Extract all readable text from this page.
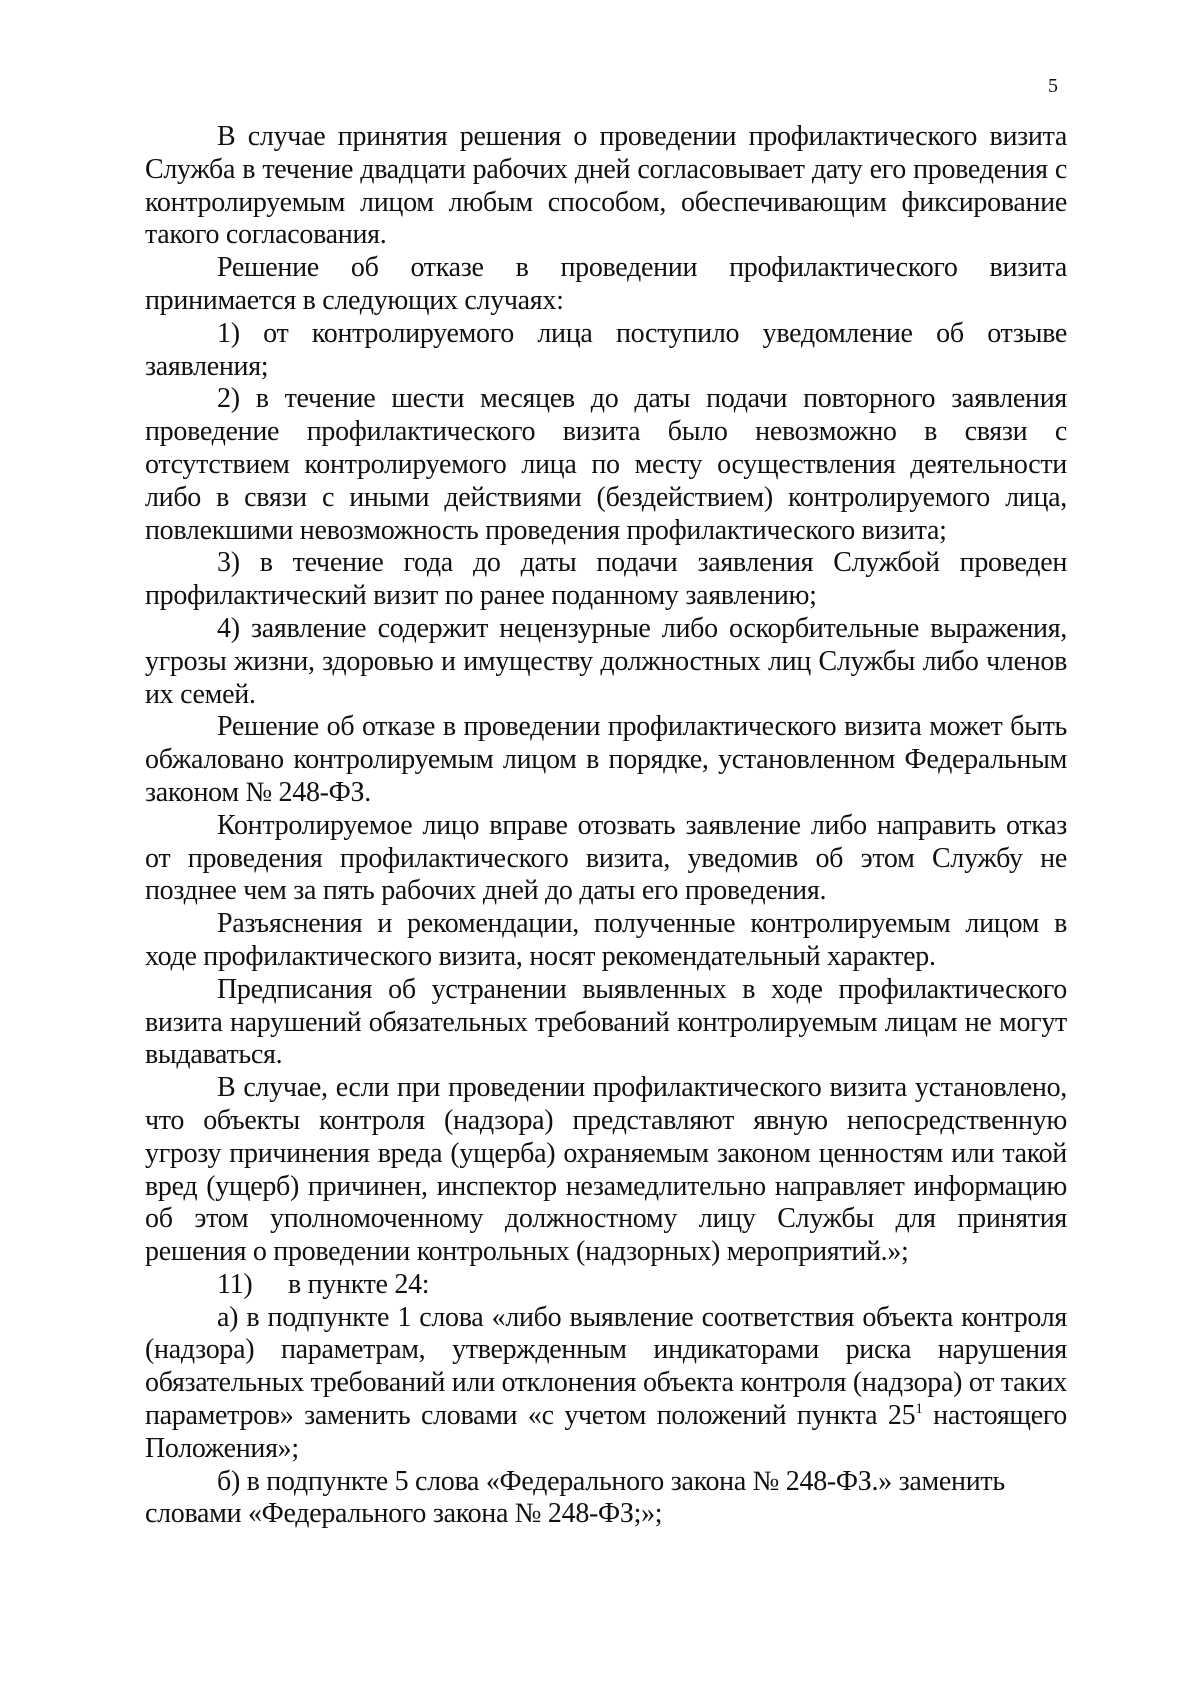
5

В случае принятия решения о проведении профилактического визита Служба в течение двадцати рабочих дней согласовывает дату его проведения с контролируемым лицом любым способом, обеспечивающим фиксирование такого согласования.

Решение об отказе в проведении профилактического визита принимается в следующих случаях:

1) от контролируемого лица поступило уведомление об отзыве заявления;

2) в течение шести месяцев до даты подачи повторного заявления проведение профилактического визита было невозможно в связи с отсутствием контролируемого лица по месту осуществления деятельности либо в связи с иными действиями (бездействием) контролируемого лица, повлекшими невозможность проведения профилактического визита;

3) в течение года до даты подачи заявления Службой проведен профилактический визит по ранее поданному заявлению;

4) заявление содержит нецензурные либо оскорбительные выражения, угрозы жизни, здоровью и имуществу должностных лиц Службы либо членов их семей.

Решение об отказе в проведении профилактического визита может быть обжаловано контролируемым лицом в порядке, установленном Федеральным законом № 248-ФЗ.

Контролируемое лицо вправе отозвать заявление либо направить отказ от проведения профилактического визита, уведомив об этом Службу не позднее чем за пять рабочих дней до даты его проведения.

Разъяснения и рекомендации, полученные контролируемым лицом в ходе профилактического визита, носят рекомендательный характер.

Предписания об устранении выявленных в ходе профилактического визита нарушений обязательных требований контролируемым лицам не могут выдаваться.

В случае, если при проведении профилактического визита установлено, что объекты контроля (надзора) представляют явную непосредственную угрозу причинения вреда (ущерба) охраняемым законом ценностям или такой вред (ущерб) причинен, инспектор незамедлительно направляет информацию об этом уполномоченному должностному лицу Службы для принятия решения о проведении контрольных (надзорных) мероприятий.»;

11) в пункте 24:

а) в подпункте 1 слова «либо выявление соответствия объекта контроля (надзора) параметрам, утвержденным индикаторами риска нарушения обязательных требований или отклонения объекта контроля (надзора) от таких параметров» заменить словами «с учетом положений пункта $25^1$ настоящего Положения»;

б) в подпункте 5 слова «Федерального закона № 248-ФЗ.» заменить словами «Федерального закона № 248-ФЗ;»;
